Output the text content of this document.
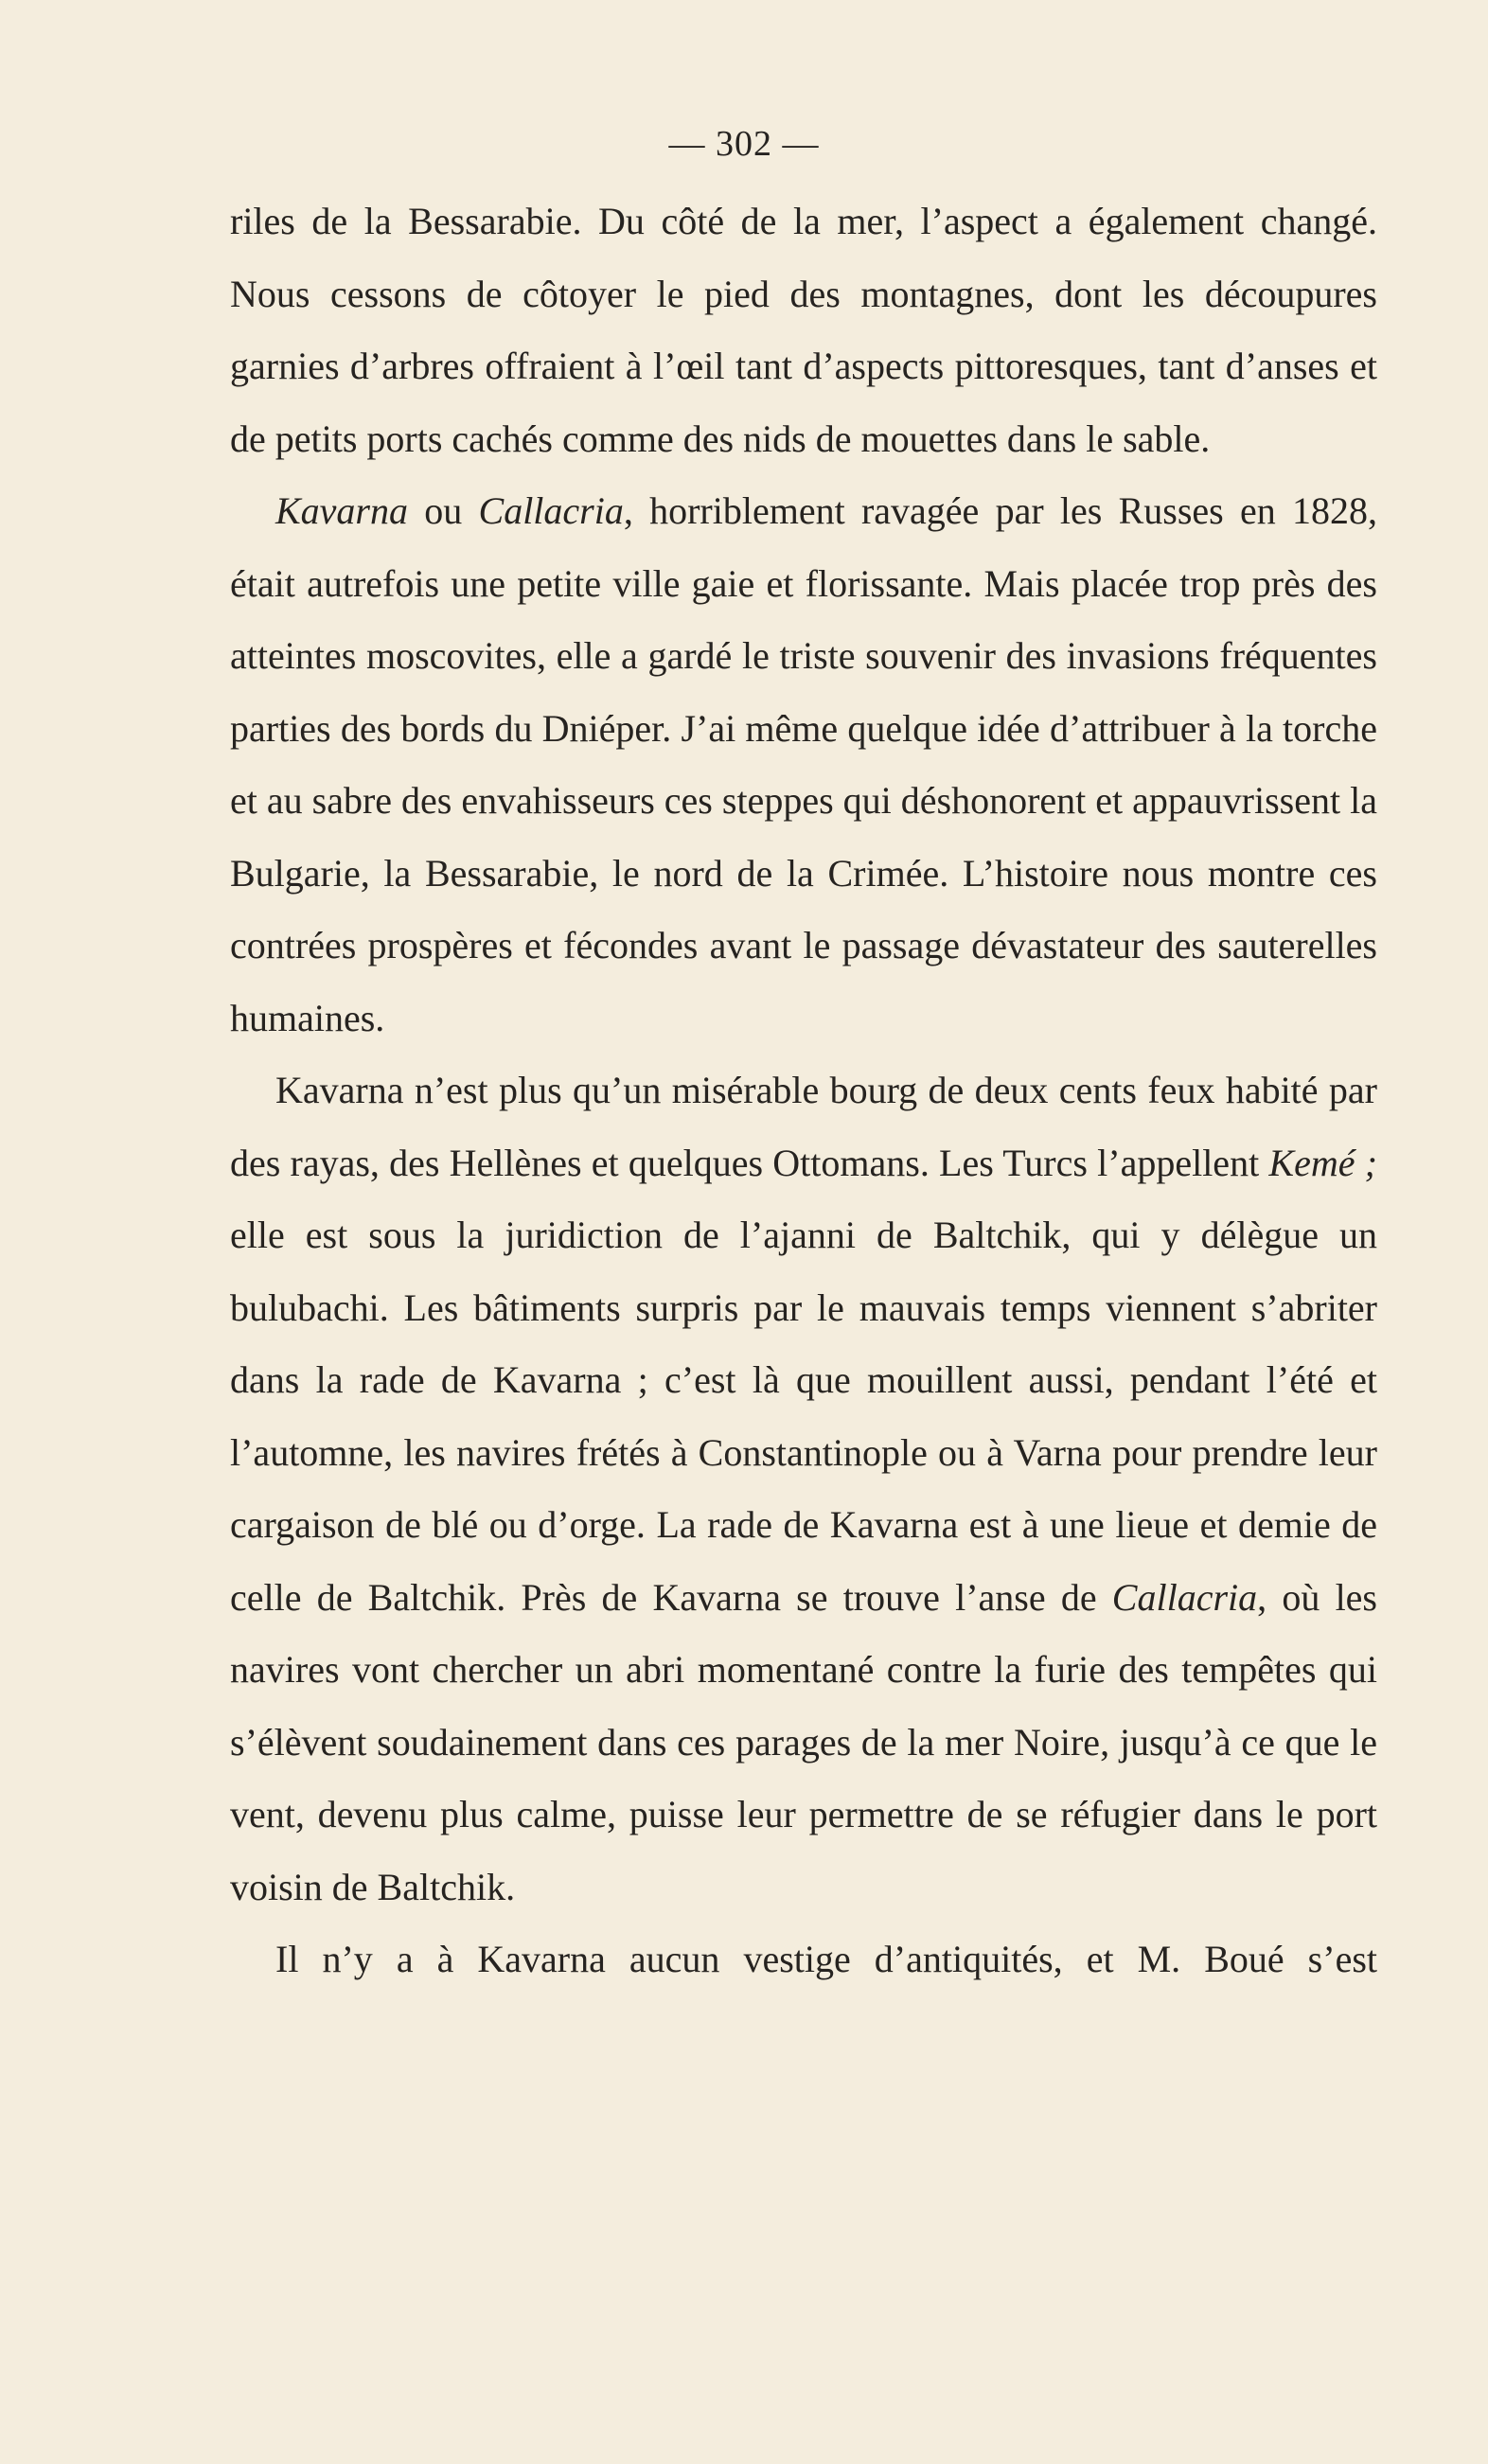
— 302 —

riles de la Bessarabie. Du côté de la mer, l’aspect a également changé. Nous cessons de côtoyer le pied des montagnes, dont les découpures garnies d’arbres offraient à l’œil tant d’aspects pittoresques, tant d’anses et de petits ports cachés comme des nids de mouettes dans le sable.

Kavarna ou Callacria, horriblement ravagée par les Russes en 1828, était autrefois une petite ville gaie et florissante. Mais placée trop près des atteintes moscovites, elle a gardé le triste souvenir des invasions fréquentes parties des bords du Dniéper. J’ai même quelque idée d’attribuer à la torche et au sabre des envahisseurs ces steppes qui déshonorent et appauvrissent la Bulgarie, la Bessarabie, le nord de la Crimée. L’histoire nous montre ces contrées prospères et fécondes avant le passage dévastateur des sauterelles humaines.

Kavarna n’est plus qu’un misérable bourg de deux cents feux habité par des rayas, des Hellènes et quelques Ottomans. Les Turcs l’appellent Kemé ; elle est sous la juridiction de l’ajanni de Baltchik, qui y délègue un bulubachi. Les bâtiments surpris par le mauvais temps viennent s’abriter dans la rade de Kavarna ; c’est là que mouillent aussi, pendant l’été et l’automne, les navires frétés à Constantinople ou à Varna pour prendre leur cargaison de blé ou d’orge. La rade de Kavarna est à une lieue et demie de celle de Baltchik. Près de Kavarna se trouve l’anse de Callacria, où les navires vont chercher un abri momentané contre la furie des tempêtes qui s’élèvent soudainement dans ces parages de la mer Noire, jusqu’à ce que le vent, devenu plus calme, puisse leur permettre de se réfugier dans le port voisin de Baltchik.

Il n’y a à Kavarna aucun vestige d’antiquités, et M. Boué s’est
